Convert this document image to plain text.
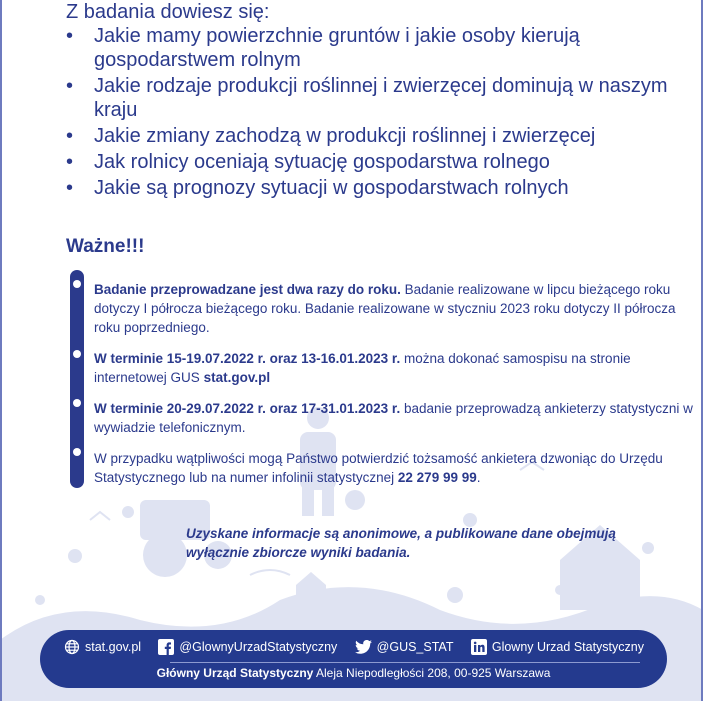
Z badania dowiesz się:

• Jakie mamy powierzchnie gruntów i jakie osoby kierują gospodarstwem rolnym
• Jakie rodzaje produkcji roślinnej i zwierzęcej dominują w naszym kraju
• Jakie zmiany zachodzą w produkcji roślinnej i zwierzęcej
• Jak rolnicy oceniają sytuację gospodarstwa rolnego
• Jakie są prognozy sytuacji w gospodarstwach rolnych

Ważne!!!

Badanie przeprowadzane jest dwa razy do roku. Badanie realizowane w lipcu bieżącego roku dotyczy I półrocza bieżącego roku. Badanie realizowane w styczniu 2023 roku dotyczy II półrocza roku poprzedniego.

W terminie 15-19.07.2022 r. oraz 13-16.01.2023 r. można dokonać samospisu na stronie internetowej GUS stat.gov.pl

W terminie 20-29.07.2022 r. oraz 17-31.01.2023 r. badanie przeprowadzą ankieterzy statystyczni w wywiadzie telefonicznym.

W przypadku wątpliwości mogą Państwo potwierdzić tożsamość ankietera dzwoniąc do Urzędu Statystycznego lub na numer infolinii statystycznej 22 279 99 99.

Uzyskane informacje są anonimowe, a publikowane dane obejmują wyłącznie zbiorcze wyniki badania.

stat.gov.pl	@GlownyUrzadStatystyczny	@GUS_STAT	Glowny Urzad Statystyczny
Główny Urząd Statystyczny Aleja Niepodległości 208, 00-925 Warszawa
